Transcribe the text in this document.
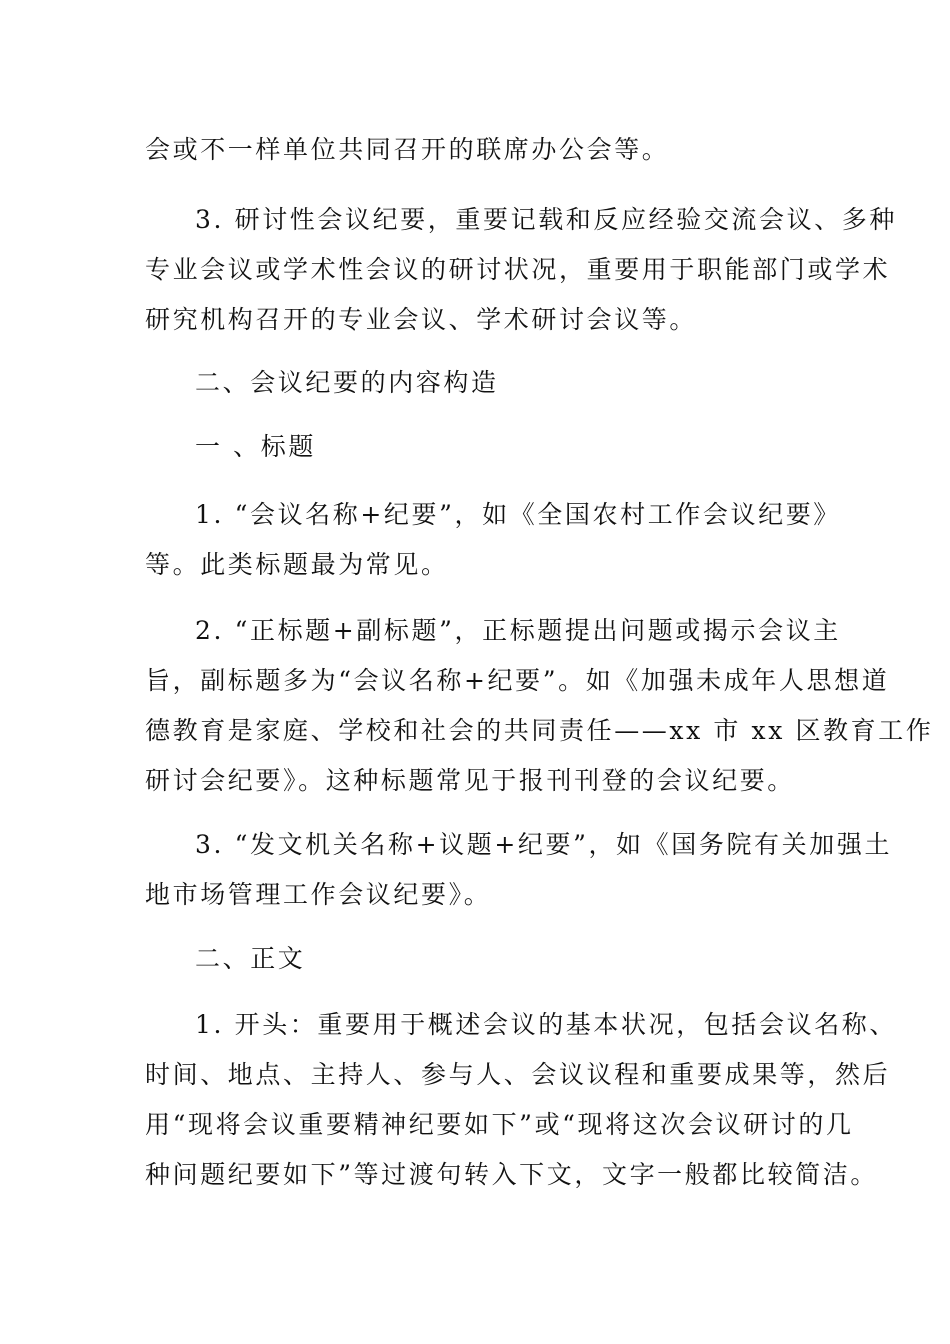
会或不一样单位共同召开的联席办公会等。

3. 研讨性会议纪要，重要记载和反应经验交流会议、多种
专业会议或学术性会议的研讨状况，重要用于职能部门或学术
研究机构召开的专业会议、学术研讨会议等。

二、会议纪要的内容构造

一 、标题

1. “会议名称+纪要”，如《全国农村工作会议纪要》
等。此类标题最为常见。

2. “正标题+副标题”，正标题提出问题或揭示会议主
旨，副标题多为“会议名称+纪要”。如《加强未成年人思想道
德教育是家庭、学校和社会的共同责任——xx 市 xx 区教育工作
研讨会纪要》。这种标题常见于报刊刊登的会议纪要。

3. “发文机关名称+议题+纪要”，如《国务院有关加强土
地市场管理工作会议纪要》。

二、正文

1. 开头：重要用于概述会议的基本状况，包括会议名称、
时间、地点、主持人、参与人、会议议程和重要成果等，然后
用“现将会议重要精神纪要如下”或“现将这次会议研讨的几
种问题纪要如下”等过渡句转入下文，文字一般都比较简洁。
